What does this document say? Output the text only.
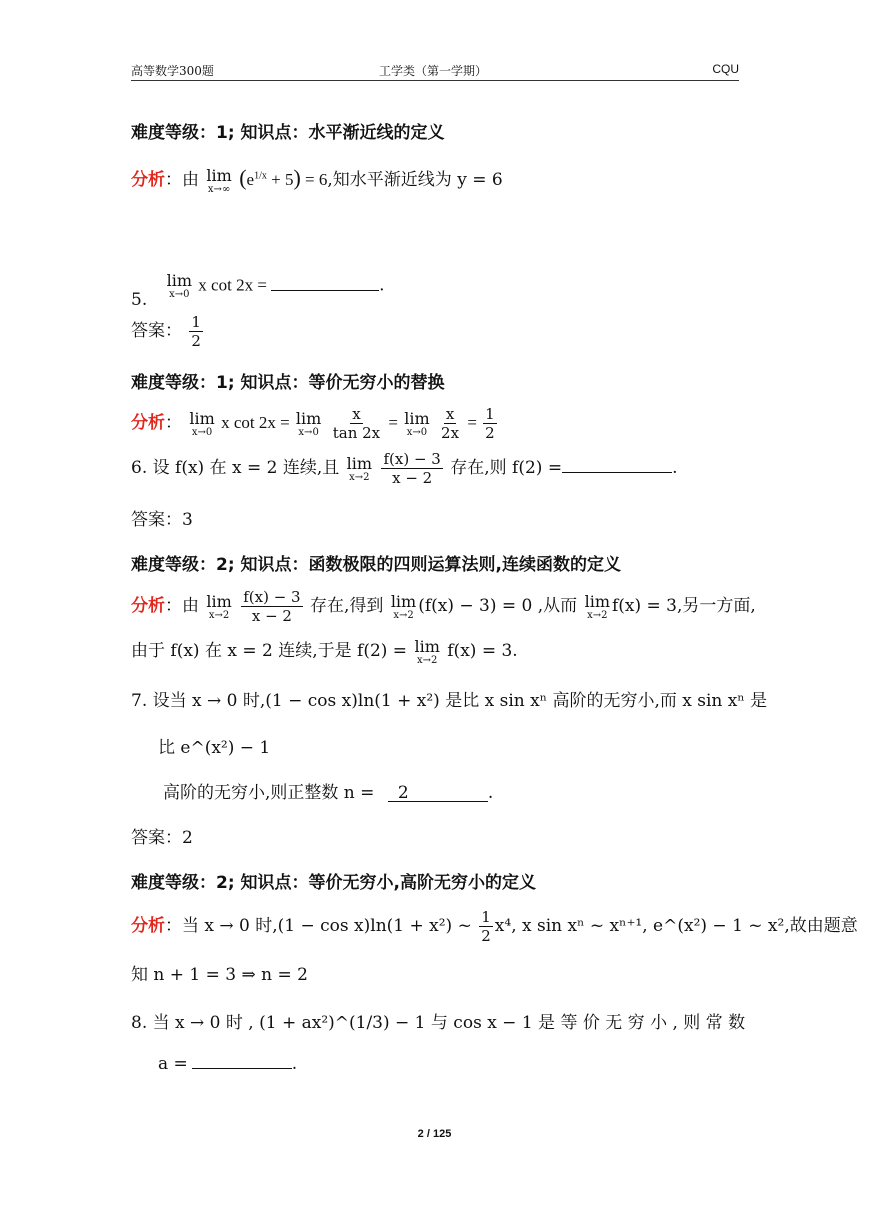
高等数学300题	工学类（第一学期）	CQU
难度等级：1; 知识点：水平渐近线的定义
分析：由 lim
x→∞ $(e^{1/x} + 5) = 6$,知水平渐近线为 y = 6
5.
lim
x→0 x cot 2x =	.
答案： $\frac{1}{2}$
难度等级：1; 知识点：等价无穷小的替换
分析： lim
x→0 x cot 2x = lim
x→0
$\frac{x}{\tan 2x} = \lim$
x→0
$\frac{x}{2x} = \frac{1}{2}$
6. 设 f(x) 在 x = 2 连续,且 lim
x→2
$\frac{f(x) - 3}{x - 2}$ 存在,则 f(2) =	.
答案：3
难度等级：2; 知识点：函数极限的四则运算法则,连续函数的定义
分析：由 lim
x→2
$\frac{f(x) - 3}{x - 2}$ 存在,得到 lim
x→2 (f(x) − 3) = 0 ,从而 lim
x→2 f(x) = 3,另一方面,
由于 f(x) 在 x = 2 连续,于是 f(2) = lim
x→2 f(x) = 3.
7. 设当 x → 0 时,(1 − cos x)ln(1 + x²) 是比 x sin xⁿ 高阶的无穷小,而 x sin xⁿ 是
比 e^(x²) − 1
高阶的无穷小,则正整数 n = 2	.
答案：2
难度等级：2; 知识点：等价无穷小,高阶无穷小的定义
分析：当 x → 0 时,(1 − cos x)ln(1 + x²) ~ $\frac{1}{2} x^4$, x sin xⁿ ~ xⁿ⁺¹, e^(x²) − 1 ~ x²,故由题意
知 n + 1 = 3 ⇒ n = 2
8. 当 x → 0 时 , (1 + ax²)^(1/3) − 1 与 cos x − 1 是 等 价 无 穷 小 , 则 常 数
a =	.
2 / 125
